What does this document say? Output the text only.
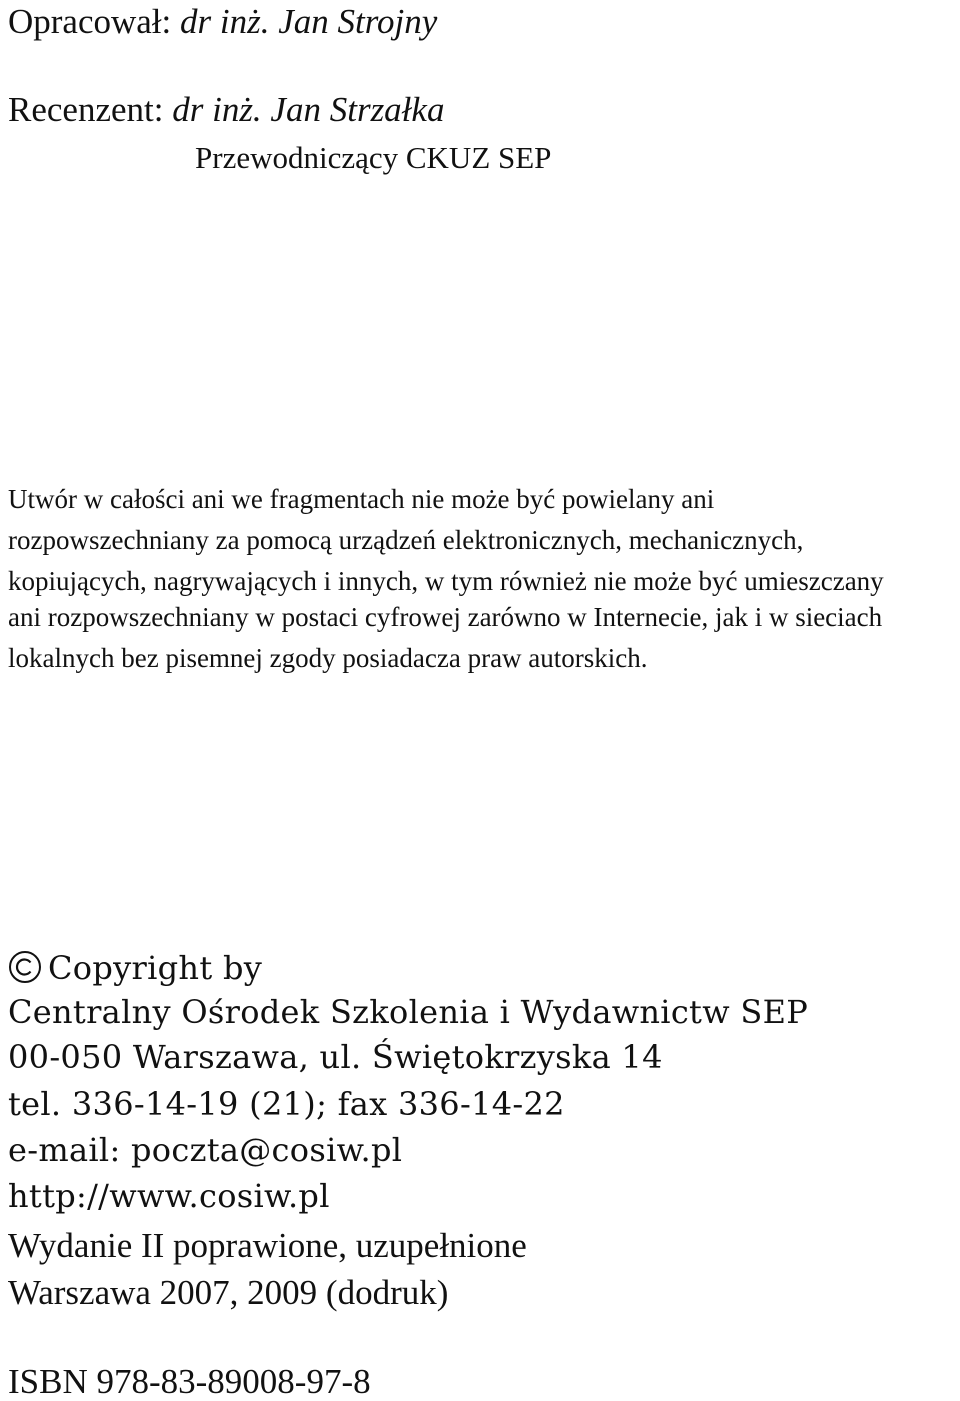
Opracował: dr inż. Jan Strojny
Recenzent: dr inż. Jan Strzałka
Przewodniczący CKUZ SEP
Utwór w całości ani we fragmentach nie może być powielany ani
rozpowszechniany za pomocą urządzeń elektronicznych, mechanicznych,
kopiujących, nagrywających i innych, w tym również nie może być umieszczany
ani rozpowszechniany w postaci cyfrowej zarówno w Internecie, jak i w sieciach
lokalnych bez pisemnej zgody posiadacza praw autorskich.
Copyright by
Centralny Ośrodek Szkolenia i Wydawnictw SEP
00-050 Warszawa, ul. Świętokrzyska 14
tel. 336-14-19 (21); fax 336-14-22
e-mail: poczta@cosiw.pl
http://www.cosiw.pl
Wydanie II poprawione, uzupełnione
Warszawa 2007, 2009 (dodruk)
ISBN 978-83-89008-97-8
